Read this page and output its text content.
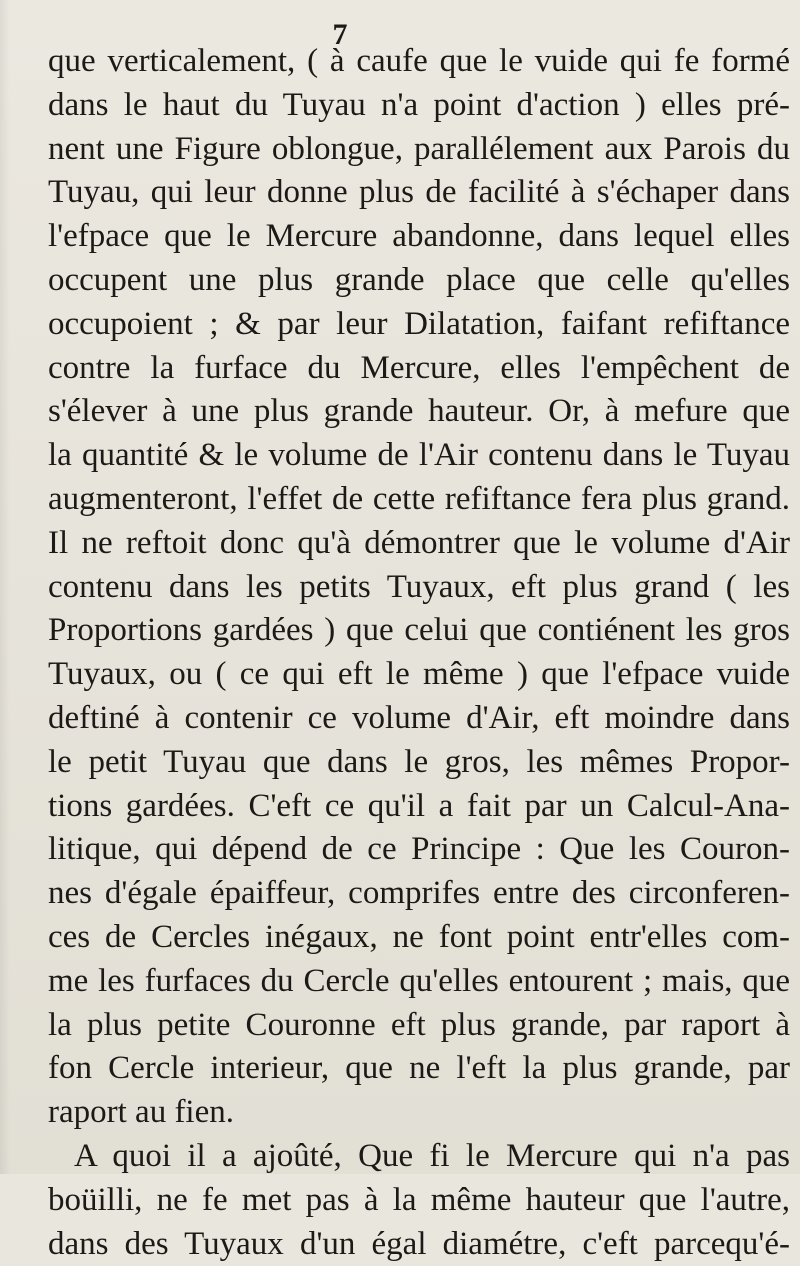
7
que verticalement, ( à caufe que le vuide qui fe formé
dans le haut du Tuyau n'a point d'action ) elles pré-
nent une Figure oblongue, parallélement aux Parois du
Tuyau, qui leur donne plus de facilité à s'échaper dans
l'efpace que le Mercure abandonne, dans lequel elles
occupent une plus grande place que celle qu'elles
occupoient ; & par leur Dilatation, faifant refiftance
contre la furface du Mercure, elles l'empêchent de
s'élever à une plus grande hauteur. Or, à mefure que
la quantité & le volume de l'Air contenu dans le Tuyau
augmenteront, l'effet de cette refiftance fera plus grand.
Il ne reftoit donc qu'à démontrer que le volume d'Air
contenu dans les petits Tuyaux, eft plus grand ( les
Proportions gardées ) que celui que contiénent les gros
Tuyaux, ou ( ce qui eft le même ) que l'efpace vuide
deftiné à contenir ce volume d'Air, eft moindre dans
le petit Tuyau que dans le gros, les mêmes Propor-
tions gardées. C'eft ce qu'il a fait par un Calcul-Ana-
litique, qui dépend de ce Principe : Que les Couron-
nes d'égale épaiffeur, comprifes entre des circonferen-
ces de Cercles inégaux, ne font point entr'elles com-
me les furfaces du Cercle qu'elles entourent ; mais, que
la plus petite Couronne eft plus grande, par raport à
fon Cercle interieur, que ne l'eft la plus grande, par
raport au fien.
A quoi il a ajoûté, Que fi le Mercure qui n'a pas
boüilli, ne fe met pas à la même hauteur que l'autre,
dans des Tuyaux d'un égal diamétre, c'eft parcequ'é-
